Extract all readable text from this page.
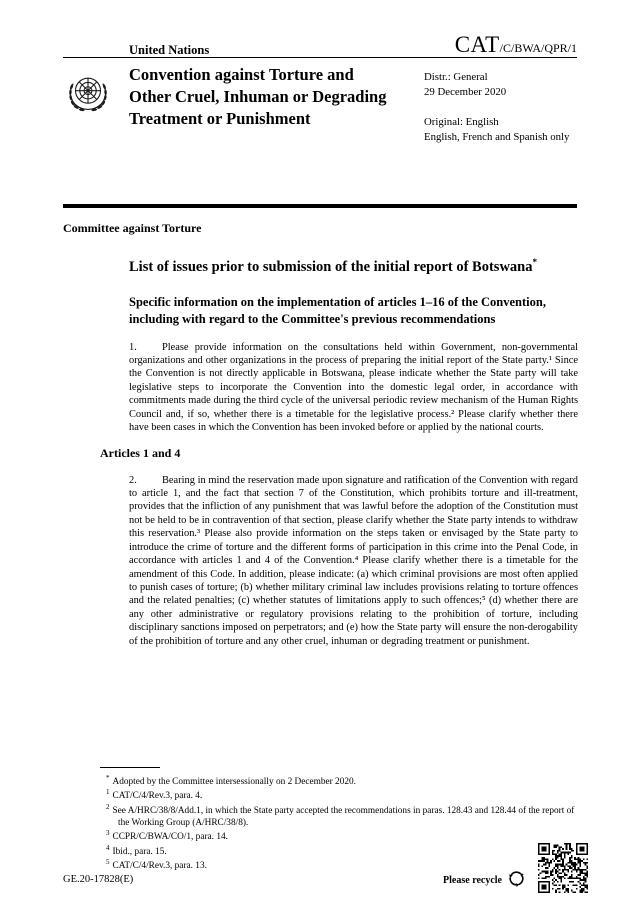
United Nations	CAT/C/BWA/QPR/1
Convention against Torture and Other Cruel, Inhuman or Degrading Treatment or Punishment
Distr.: General
29 December 2020
Original: English
English, French and Spanish only
Committee against Torture
List of issues prior to submission of the initial report of Botswana*
Specific information on the implementation of articles 1–16 of the Convention, including with regard to the Committee's previous recommendations

1. Please provide information on the consultations held within Government, non-governmental organizations and other organizations in the process of preparing the initial report of the State party.¹ Since the Convention is not directly applicable in Botswana, please indicate whether the State party will take legislative steps to incorporate the Convention into the domestic legal order, in accordance with commitments made during the third cycle of the universal periodic review mechanism of the Human Rights Council and, if so, whether there is a timetable for the legislative process.² Please clarify whether there have been cases in which the Convention has been invoked before or applied by the national courts.

Articles 1 and 4

2. Bearing in mind the reservation made upon signature and ratification of the Convention with regard to article 1, and the fact that section 7 of the Constitution, which prohibits torture and ill-treatment, provides that the infliction of any punishment that was lawful before the adoption of the Constitution must not be held to be in contravention of that section, please clarify whether the State party intends to withdraw this reservation.³ Please also provide information on the steps taken or envisaged by the State party to introduce the crime of torture and the different forms of participation in this crime into the Penal Code, in accordance with articles 1 and 4 of the Convention.⁴ Please clarify whether there is a timetable for the amendment of this Code. In addition, please indicate: (a) which criminal provisions are most often applied to punish cases of torture; (b) whether military criminal law includes provisions relating to torture offences and the related penalties; (c) whether statutes of limitations apply to such offences;⁵ (d) whether there are any other administrative or regulatory provisions relating to the prohibition of torture, including disciplinary sanctions imposed on perpetrators; and (e) how the State party will ensure the non-derogability of the prohibition of torture and any other cruel, inhuman or degrading treatment or punishment.

* Adopted by the Committee intersessionally on 2 December 2020.
$^1$ CAT/C/4/Rev.3, para. 4.
$^2$ See A/HRC/38/8/Add.1, in which the State party accepted the recommendations in paras. 128.43 and 128.44 of the report of the Working Group (A/HRC/38/8).
$^3$ CCPR/C/BWA/CO/1, para. 14.
$^4$ Ibid., para. 15.
$^5$ CAT/C/4/Rev.3, para. 13.
GE.20-17828(E)	Please recycle
